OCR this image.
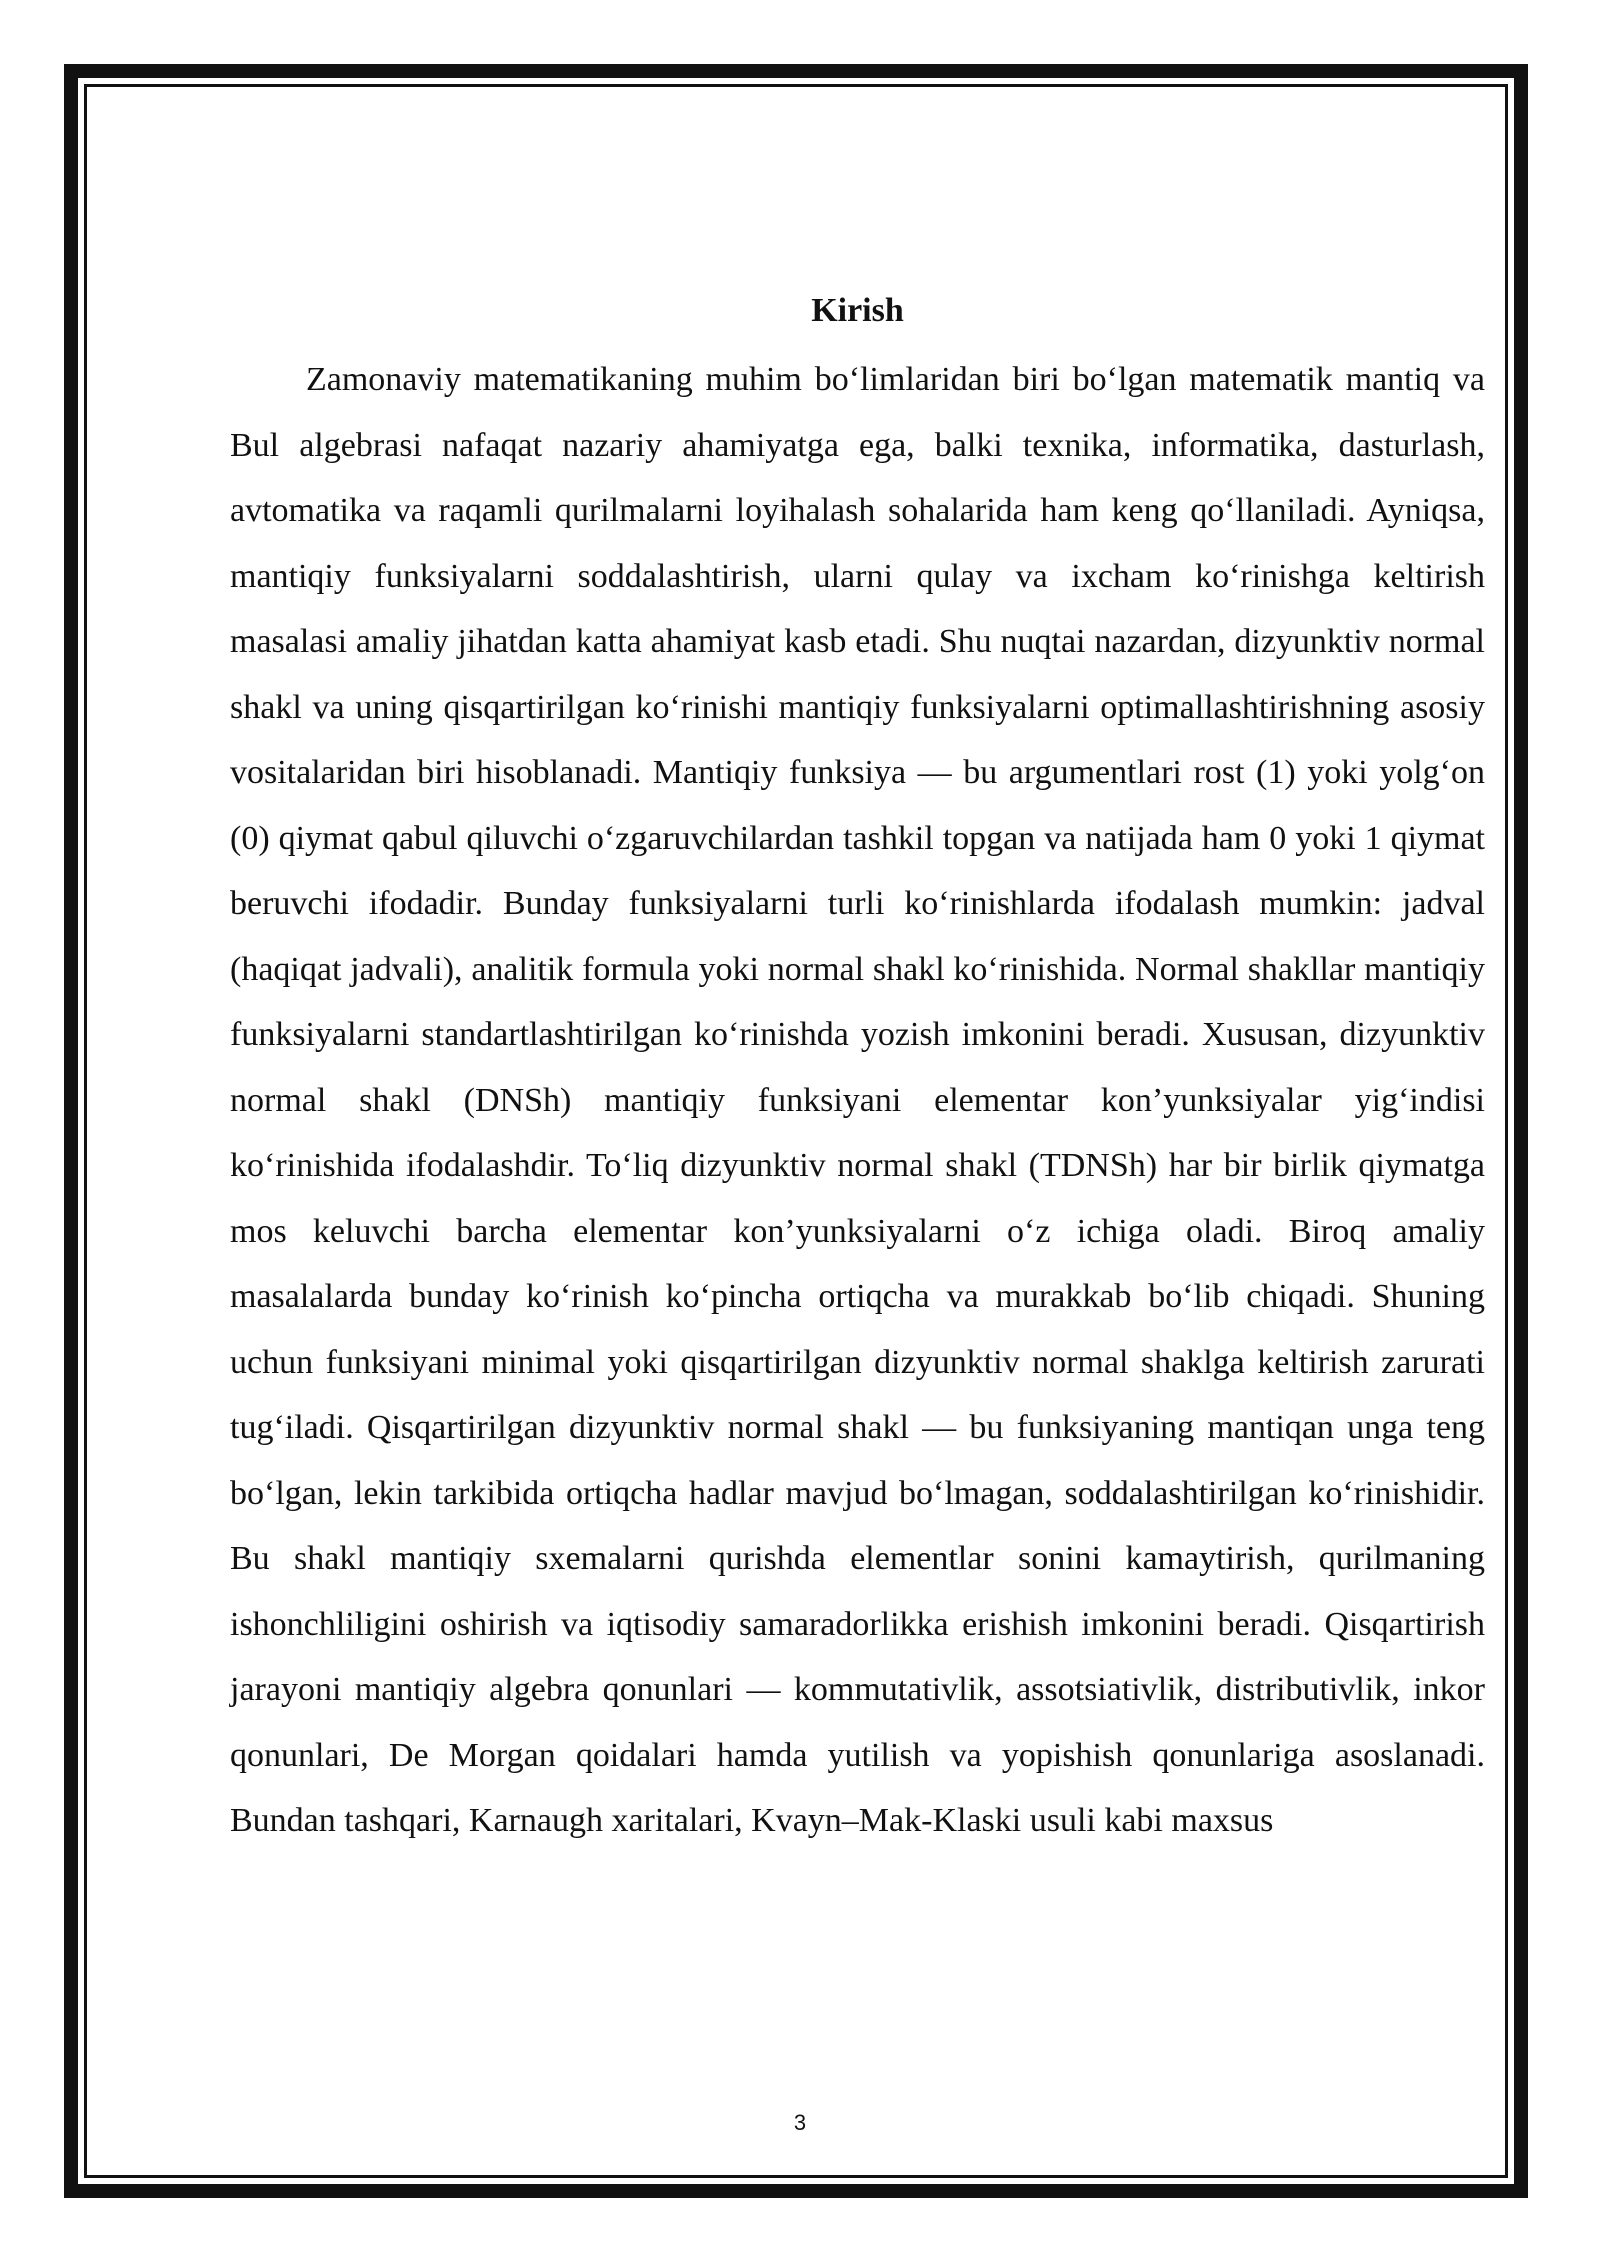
Kirish

Zamonaviy matematikaning muhim bo‘limlaridan biri bo‘lgan matematik mantiq va Bul algebrasi nafaqat nazariy ahamiyatga ega, balki texnika, informatika, dasturlash, avtomatika va raqamli qurilmalarni loyihalash sohalarida ham keng qo‘llaniladi. Ayniqsa, mantiqiy funksiyalarni soddalashtirish, ularni qulay va ixcham ko‘rinishga keltirish masalasi amaliy jihatdan katta ahamiyat kasb etadi. Shu nuqtai nazardan, dizyunktiv normal shakl va uning qisqartirilgan ko‘rinishi mantiqiy funksiyalarni optimallashtirishning asosiy vositalaridan biri hisoblanadi. Mantiqiy funksiya — bu argumentlari rost (1) yoki yolg‘on (0) qiymat qabul qiluvchi o‘zgaruvchilardan tashkil topgan va natijada ham 0 yoki 1 qiymat beruvchi ifodadir. Bunday funksiyalarni turli ko‘rinishlarda ifodalash mumkin: jadval (haqiqat jadvali), analitik formula yoki normal shakl ko‘rinishida. Normal shakllar mantiqiy funksiyalarni standartlashtirilgan ko‘rinishda yozish imkonini beradi. Xususan, dizyunktiv normal shakl (DNSh) mantiqiy funksiyani elementar kon’yunksiyalar yig‘indisi ko‘rinishida ifodalashdir. To‘liq dizyunktiv normal shakl (TDNSh) har bir birlik qiymatga mos keluvchi barcha elementar kon’yunksiyalarni o‘z ichiga oladi. Biroq amaliy masalalarda bunday ko‘rinish ko‘pincha ortiqcha va murakkab bo‘lib chiqadi. Shuning uchun funksiyani minimal yoki qisqartirilgan dizyunktiv normal shaklga keltirish zarurati tug‘iladi. Qisqartirilgan dizyunktiv normal shakl — bu funksiyaning mantiqan unga teng bo‘lgan, lekin tarkibida ortiqcha hadlar mavjud bo‘lmagan, soddalashtirilgan ko‘rinishidir. Bu shakl mantiqiy sxemalarni qurishda elementlar sonini kamaytirish, qurilmaning ishonchliligini oshirish va iqtisodiy samaradorlikka erishish imkonini beradi. Qisqartirish jarayoni mantiqiy algebra qonunlari — kommutativlik, assotsiativlik, distributivlik, inkor qonunlari, De Morgan qoidalari hamda yutilish va yopishish qonunlariga asoslanadi. Bundan tashqari, Karnaugh xaritalari, Kvayn–Mak-Klaski usuli kabi maxsus

3
